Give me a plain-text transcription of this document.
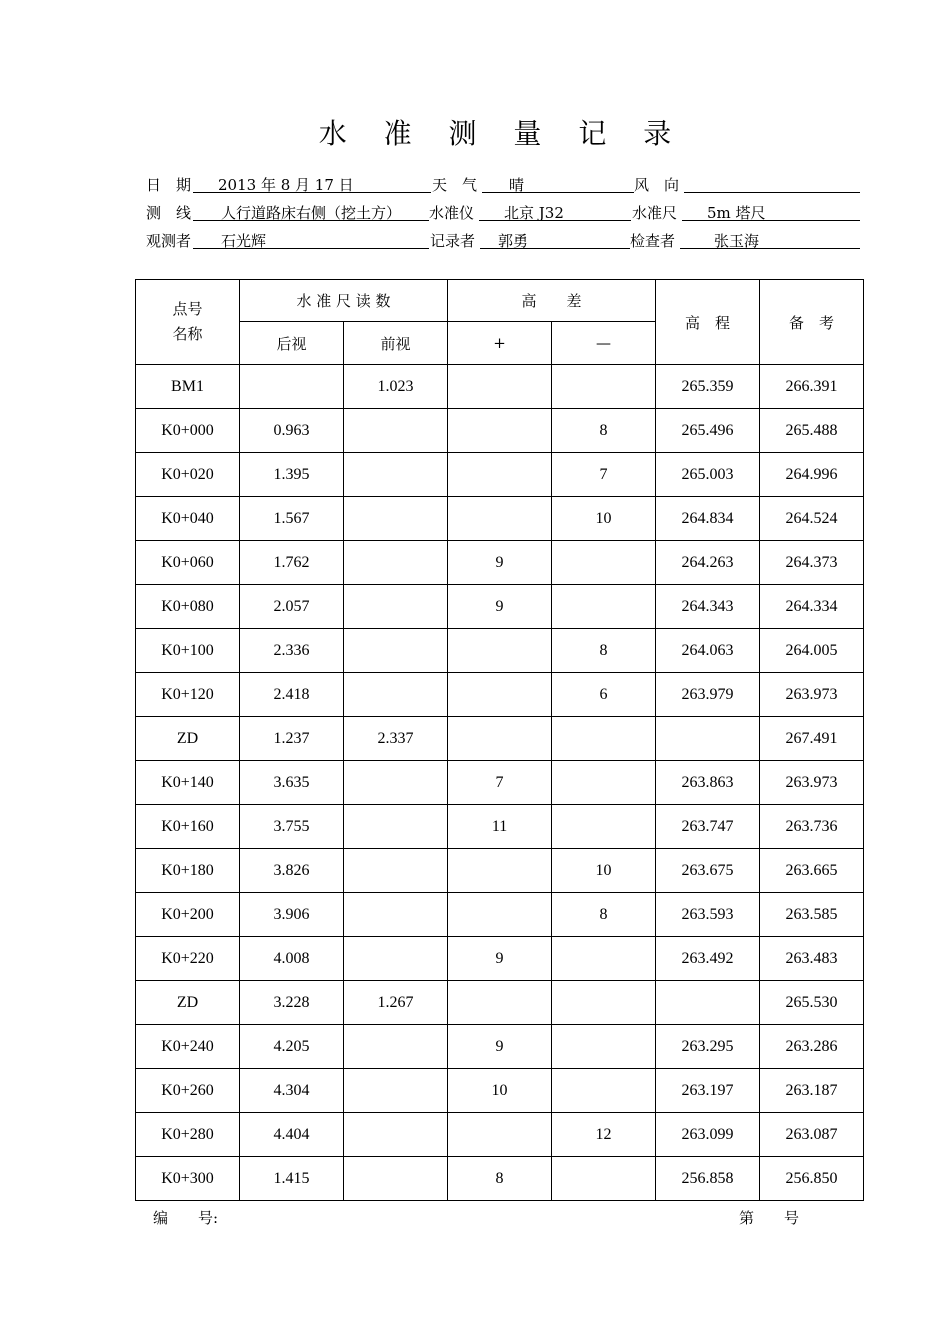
水 准 测 量 记 录
日　期	2013 年 8 月 17 日	天　气	晴	风　向
测　线	人行道路床右侧（挖土方）	水准仪	北京 J32	水准尺	5m 塔尺
观测者	石光辉	记录者	郭勇	检查者	张玉海
点号
名称	水 准 尺 读 数		高　　差		高　程	备　考
	后视	前视	+	—		
BM1		1.023			265.359	266.391
K0+000	0.963			8	265.496	265.488
K0+020	1.395			7	265.003	264.996
K0+040	1.567			10	264.834	264.524
K0+060	1.762		9		264.263	264.373
K0+080	2.057		9		264.343	264.334
K0+100	2.336			8	264.063	264.005
K0+120	2.418			6	263.979	263.973
ZD	1.237	2.337				267.491
K0+140	3.635		7		263.863	263.973
K0+160	3.755		11		263.747	263.736
K0+180	3.826			10	263.675	263.665
K0+200	3.906			8	263.593	263.585
K0+220	4.008		9		263.492	263.483
ZD	3.228	1.267				265.530
K0+240	4.205		9		263.295	263.286
K0+260	4.304		10		263.197	263.187
K0+280	4.404			12	263.099	263.087
K0+300	1.415		8		256.858	256.850
编　　号:	第　　号
